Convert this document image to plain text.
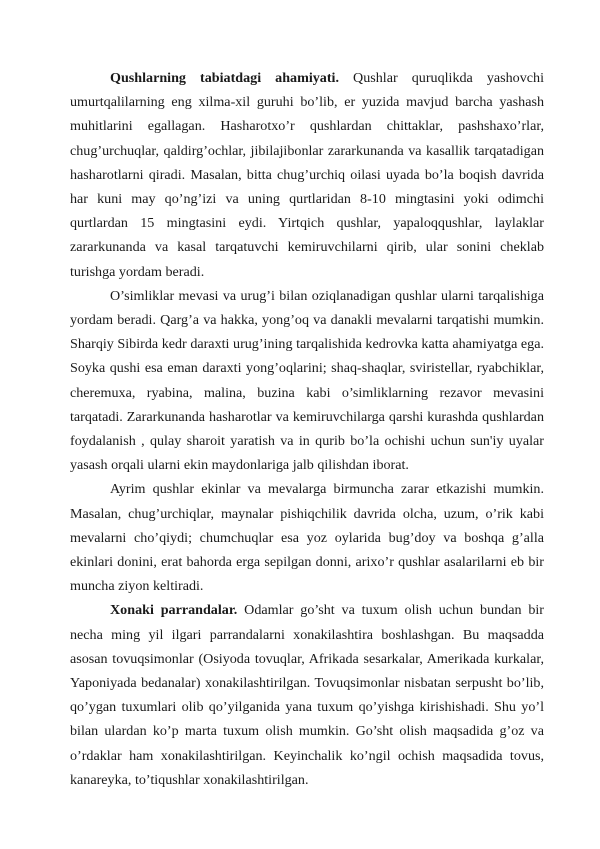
Qushlarning tabiatdagi ahamiyati. Qushlar quruqlikda yashovchi umurtqalilarning eng xilma-xil guruhi bo’lib, er yuzida mavjud barcha yashash muhitlarini egallagan. Hasharotxo’r qushlardan chittaklar, pashshaxo’rlar, chug’urchuqlar, qaldirg’ochlar, jibilajibonlar zararkunanda va kasallik tarqatadigan hasharotlarni qiradi. Masalan, bitta chug’urchiq oilasi uyada bo’la boqish davrida har kuni may qo’ng’izi va uning qurtlaridan 8-10 mingtasini yoki odimchi qurtlardan 15 mingtasini eydi. Yirtqich qushlar, yapaloqqushlar, laylaklar zararkunanda va kasal tarqatuvchi kemiruvchilarni qirib, ular sonini cheklab turishga yordam beradi.

O’simliklar mevasi va urug’i bilan oziqlanadigan qushlar ularni tarqalishiga yordam beradi. Qarg’a va hakka, yong’oq va danakli mevalarni tarqatishi mumkin. Sharqiy Sibirda kedr daraxti urug’ining tarqalishida kedrovka katta ahamiyatga ega. Soyka qushi esa eman daraxti yong’oqlarini; shaq-shaqlar, sviristellar, ryabchiklar, cheremuxa, ryabina, malina, buzina kabi o’simliklarning rezavor mevasini tarqatadi. Zararkunanda hasharotlar va kemiruvchilarga qarshi kurashda qushlardan foydalanish , qulay sharoit yaratish va in qurib bo’la ochishi uchun sun'iy uyalar yasash orqali ularni ekin maydonlariga jalb qilishdan iborat.

Ayrim qushlar ekinlar va mevalarga birmuncha zarar etkazishi mumkin. Masalan, chug’urchiqlar, maynalar pishiqchilik davrida olcha, uzum, o’rik kabi mevalarni cho’qiydi; chumchuqlar esa yoz oylarida bug’doy va boshqa g’alla ekinlari donini, erat bahorda erga sepilgan donni, arixo’r qushlar asalarilarni eb bir muncha ziyon keltiradi.

Xonaki parrandalar. Odamlar go’sht va tuxum olish uchun bundan bir necha ming yil ilgari parrandalarni xonakilashtira boshlashgan. Bu maqsadda asosan tovuqsimonlar (Osiyoda tovuqlar, Afrikada sesarkalar, Amerikada kurkalar, Yaponiyada bedanalar) xonakilashtirilgan. Tovuqsimonlar nisbatan serpusht bo’lib, qo’ygan tuxumlari olib qo’yilganida yana tuxum qo’yishga kirishishadi. Shu yo’l bilan ulardan ko’p marta tuxum olish mumkin. Go’sht olish maqsadida g’oz va o’rdaklar ham xonakilashtirilgan. Keyinchalik ko’ngil ochish maqsadida tovus, kanareyka, to’tiqushlar xonakilashtirilgan.
